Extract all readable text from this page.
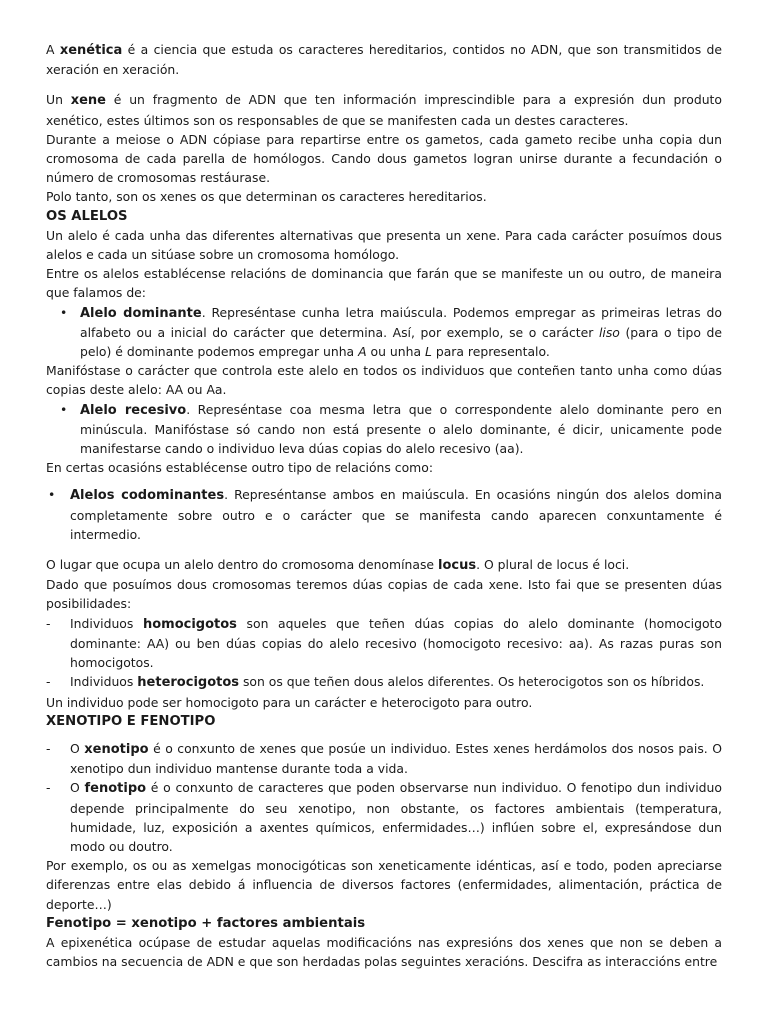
A xenética é a ciencia que estuda os caracteres hereditarios, contidos no ADN, que son transmitidos de xeración en xeración.

Un xene é un fragmento de ADN que ten información imprescindible para a expresión dun produto xenético, estes últimos son os responsables de que se manifesten cada un destes caracteres.

Durante a meiose o ADN cópiase para repartirse entre os gametos, cada gameto recibe unha copia dun cromosoma de cada parella de homólogos. Cando dous gametos logran unirse durante a fecundación o número de cromosomas restáurase.

Polo tanto, son os xenes os que determinan os caracteres hereditarios.

OS ALELOS

Un alelo é cada unha das diferentes alternativas que presenta un xene. Para cada carácter posuímos dous alelos e cada un sitúase sobre un cromosoma homólogo.

Entre os alelos establécense relacións de dominancia que farán que se manifeste un ou outro, de maneira que falamos de:

• Alelo dominante. Represéntase cunha letra maiúscula. Podemos empregar as primeiras letras do alfabeto ou a inicial do carácter que determina. Así, por exemplo, se o carácter liso (para o tipo de pelo) é dominante podemos empregar unha A ou unha L para representalo.

Manifóstase o carácter que controla este alelo en todos os individuos que conteñen tanto unha como dúas copias deste alelo: AA ou Aa.

• Alelo recesivo. Represéntase coa mesma letra que o correspondente alelo dominante pero en minúscula. Manifóstase só cando non está presente o alelo dominante, é dicir, unicamente pode manifestarse cando o individuo leva dúas copias do alelo recesivo (aa).

En certas ocasións establécense outro tipo de relacións como:

• Alelos codominantes. Represéntanse ambos en maiúscula. En ocasións ningún dos alelos domina completamente sobre outro e o carácter que se manifesta cando aparecen conxuntamente é intermedio.

O lugar que ocupa un alelo dentro do cromosoma denomínase locus. O plural de locus é loci.

Dado que posuímos dous cromosomas teremos dúas copias de cada xene. Isto fai que se presenten dúas posibilidades:

- Individuos homocigotos son aqueles que teñen dúas copias do alelo dominante (homocigoto dominante: AA) ou ben dúas copias do alelo recesivo (homocigoto recesivo: aa). As razas puras son homocigotos.
- Individuos heterocigotos son os que teñen dous alelos diferentes. Os heterocigotos son os híbridos.

Un individuo pode ser homocigoto para un carácter e heterocigoto para outro.

XENOTIPO E FENOTIPO
- O xenotipo é o conxunto de xenes que posúe un individuo. Estes xenes herdámolos dos nosos pais. O xenotipo dun individuo mantense durante toda a vida.
- O fenotipo é o conxunto de caracteres que poden observarse nun individuo. O fenotipo dun individuo depende principalmente do seu xenotipo, non obstante, os factores ambientais (temperatura, humidade, luz, exposición a axentes químicos, enfermidades…) inflúen sobre el, expresándose dun modo ou doutro.

Por exemplo, os ou as xemelgas monocigóticas son xeneticamente idénticas, así e todo, poden apreciarse diferenzas entre elas debido á influencia de diversos factores (enfermidades, alimentación, práctica de deporte…)

Fenotipo = xenotipo + factores ambientais

A epixenética ocúpase de estudar aquelas modificacións nas expresións dos xenes que non se deben a cambios na secuencia de ADN e que son herdadas polas seguintes xeracións. Descifra as interaccións entre
